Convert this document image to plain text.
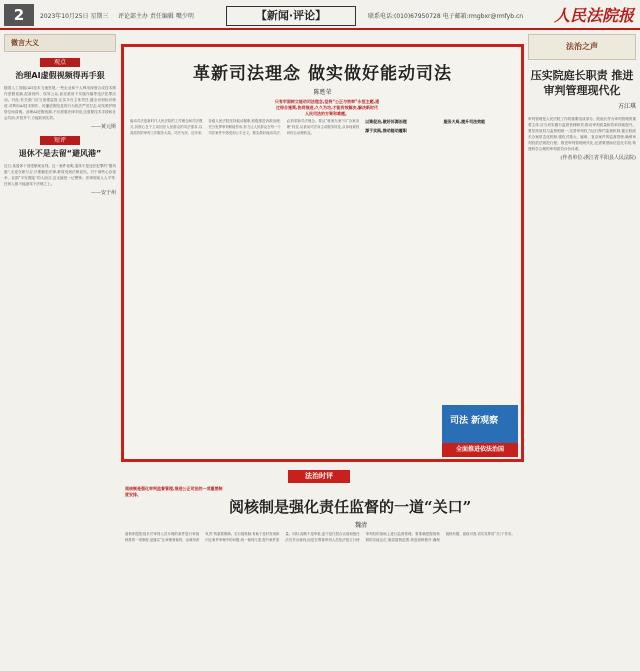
2	2023年10月25日 星期三 评论部主办 责任编辑 嘴少明	【新闻·评论】	联系电话:(010)67950728 电子邮箱:rmgbxr@rmfyb.cn 人民法院报
微言大义
观点
治理AI虚假视频得再手狠
随着人工智能(AI)技术飞速发展,一些企业和个人利用深度合成技术制作虚假视频,混淆视听、误导公众,甚至被用于实施诈骗等违法犯罪活动。对此,有关部门应当加强监管,压实平台主体责任,健全识别标识制度,对利用AI技术制作、传播虚假信息的行为依法严厉打击,切实维护网络空间清朗。治理AI虚假视频,不仅需要法律手段,还需要技术手段和社会共治,多管齐下,方能收到实效。
——黄元斯
短评
退休不是去留“避风港”
近日,某退休干部受贿案宣判。这一案件表明,退休不是违法犯罪的“避风港”,无论在职与否,只要触犯法律,都将受到法律追究。对于那些心存侥幸、妄图“平安着陆”的人而言,这无疑是一记警钟。法律面前人人平等,任何人都不能凌驾于法律之上。
——安于州
革新司法理念 做实做好能动司法
陈甦荣
只有牢固树立能动司法理念,坚持“公正与效率”永恒主题,通过综合施策,协同推进,久久为功,才能有效解决,解决新时代人民司法的方案和难题。
能动司法是新时代人民法院的工作理念和司法模式,其核心在于主动回应人民群众的司法需求,以高质效的审判工作服务大局、司法为民。近年来,各级人民法院坚持能动履职,积极推进诉源治理,充分发挥审判职能作用,努力让人民群众在每一个司法案件中感受到公平正义。做实做好能动司法,必须革新司法理念。要从“就案办案”向“办案治理”转变,从被动司法向主动服务转变,从单纯裁判向综合治理转变。
以案促治,做好诉源治理
源于实践,推动能动履职
服务大局,提升司法效能
司法 新观察
全面推进依法治国
法治之声
压实院庭长职责 推进审判管理现代化
方江琪
审判管理是人民法院工作的重要组成部分。院庭长作为审判管理的重要主体,应当切实履行监督管理职责,推动审判质量和效率持续提升。要坚持放权与监督相统一,完善审判权力运行制约监督机制,健全院庭长办案常态化机制,强化对重大、疑难、复杂案件的监督管理,确保审判权依法规范行使。推进审判管理现代化,还需要借助信息化手段,构建科学合理的审判质效评价体系。
(作者单位:浙江省平阳县人民法院)
法治时评
阅核制是强化审判监督管理,推进公正司法的一项重要制度安排。
阅核制是强化责任监督的一道“关口”
魏清
阅核制是院庭长对审判人员办理的案件进行审阅核准的一项制度,是落实“让审理者裁判、由裁判者负责”的重要保障。实行阅核制,有助于及时发现和纠正案件审理中的问题,统一裁判尺度,提升案件质量。同时,阅核不是审批,更不是代替合议庭和独任法官作出裁判,而是在尊重审判人员依法独立行使审判权的基础上进行监督管理。要准确把握阅核制的功能定位,厘清阅核范围,规范阅核程序,确保阅核有据、留痕可查,切实发挥其“关口”作用。
